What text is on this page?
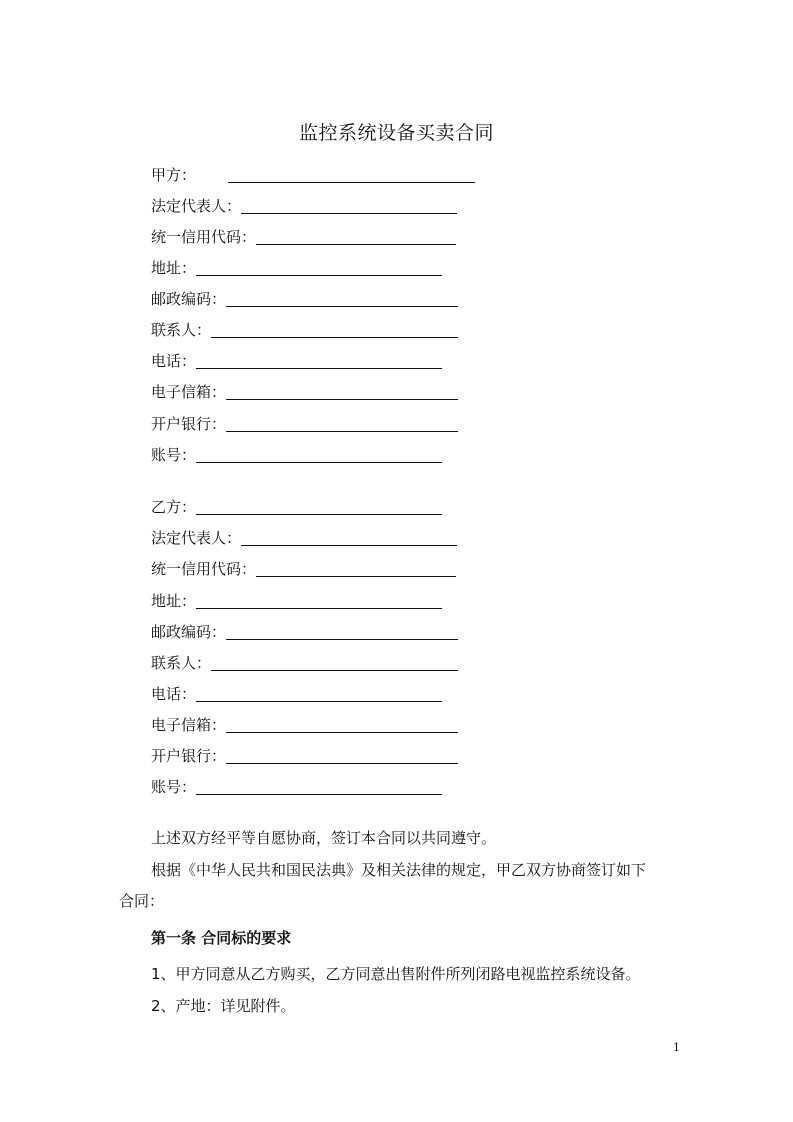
监控系统设备买卖合同
甲方：
法定代表人：
统一信用代码：
地址：
邮政编码：
联系人：
电话：
电子信箱：
开户银行：
账号：
乙方：
法定代表人：
统一信用代码：
地址：
邮政编码：
联系人：
电话：
电子信箱：
开户银行：
账号：
上述双方经平等自愿协商，签订本合同以共同遵守。
根据《中华人民共和国民法典》及相关法律的规定，甲乙双方协商签订如下
合同：
第一条 合同标的要求
1、甲方同意从乙方购买，乙方同意出售附件所列闭路电视监控系统设备。
2、产地：详见附件。
1
